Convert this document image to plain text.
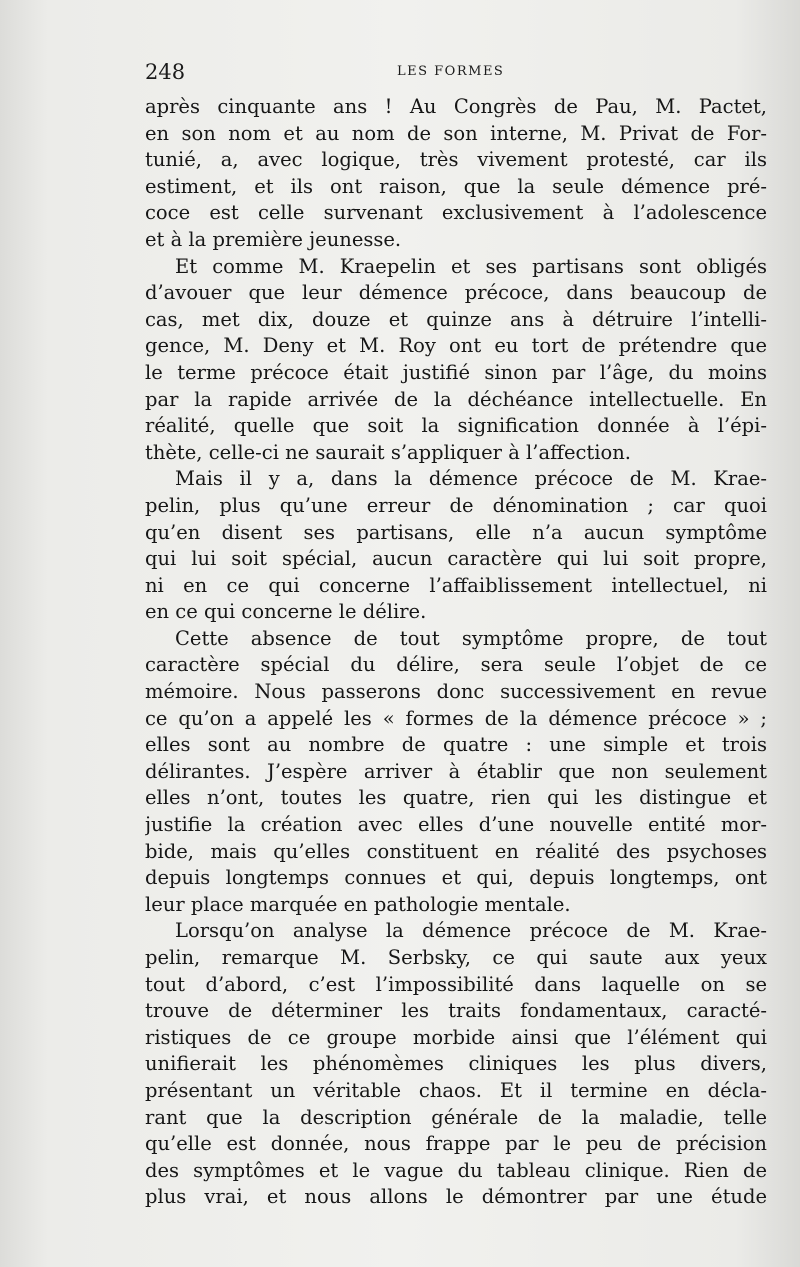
248	LES FORMES
après cinquante ans ! Au Congrès de Pau, M. Pactet,
en son nom et au nom de son interne, M. Privat de For-
tunié, a, avec logique, très vivement protesté, car ils
estiment, et ils ont raison, que la seule démence pré-
coce est celle survenant exclusivement à l’adolescence
et à la première jeunesse.
Et comme M. Kraepelin et ses partisans sont obligés
d’avouer que leur démence précoce, dans beaucoup de
cas, met dix, douze et quinze ans à détruire l’intelli-
gence, M. Deny et M. Roy ont eu tort de prétendre que
le terme précoce était justifié sinon par l’âge, du moins
par la rapide arrivée de la déchéance intellectuelle. En
réalité, quelle que soit la signification donnée à l’épi-
thète, celle-ci ne saurait s’appliquer à l’affection.
Mais il y a, dans la démence précoce de M. Krae-
pelin, plus qu’une erreur de dénomination ; car quoi
qu’en disent ses partisans, elle n’a aucun symptôme
qui lui soit spécial, aucun caractère qui lui soit propre,
ni en ce qui concerne l’affaiblissement intellectuel, ni
en ce qui concerne le délire.
Cette absence de tout symptôme propre, de tout
caractère spécial du délire, sera seule l’objet de ce
mémoire. Nous passerons donc successivement en revue
ce qu’on a appelé les « formes de la démence précoce » ;
elles sont au nombre de quatre : une simple et trois
délirantes. J’espère arriver à établir que non seulement
elles n’ont, toutes les quatre, rien qui les distingue et
justifie la création avec elles d’une nouvelle entité mor-
bide, mais qu’elles constituent en réalité des psychoses
depuis longtemps connues et qui, depuis longtemps, ont
leur place marquée en pathologie mentale.
Lorsqu’on analyse la démence précoce de M. Krae-
pelin, remarque M. Serbsky, ce qui saute aux yeux
tout d’abord, c’est l’impossibilité dans laquelle on se
trouve de déterminer les traits fondamentaux, caracté-
ristiques de ce groupe morbide ainsi que l’élément qui
unifierait les phénomèmes cliniques les plus divers,
présentant un véritable chaos. Et il termine en décla-
rant que la description générale de la maladie, telle
qu’elle est donnée, nous frappe par le peu de précision
des symptômes et le vague du tableau clinique. Rien de
plus vrai, et nous allons le démontrer par une étude
